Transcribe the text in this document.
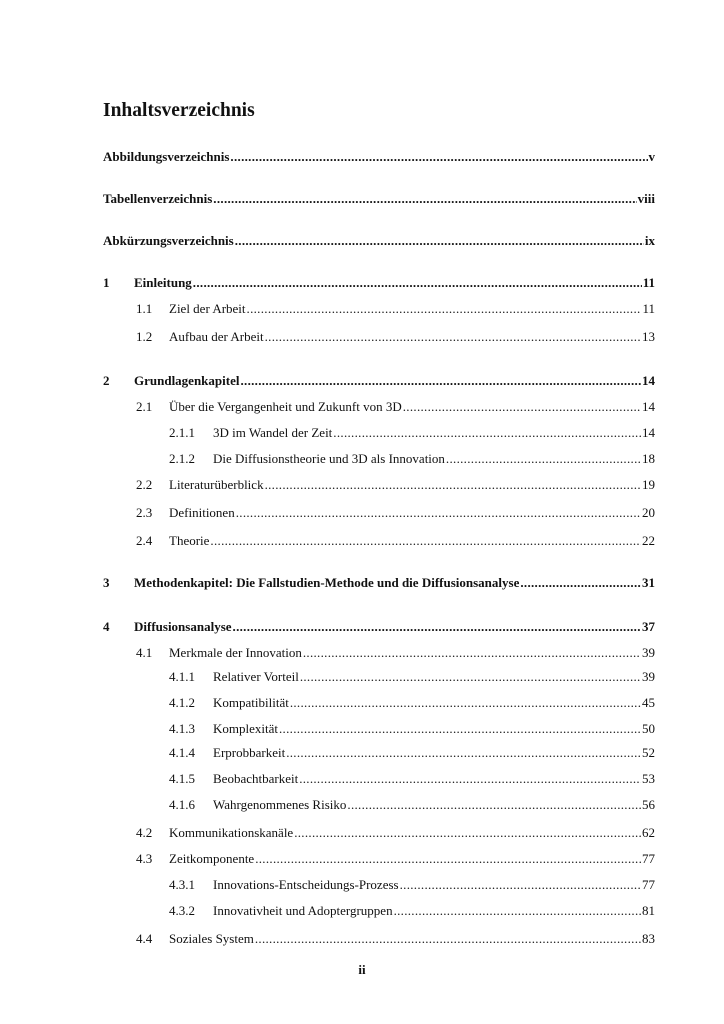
Inhaltsverzeichnis
Abbildungsverzeichnis .....	v
Tabellenverzeichnis .....	viii
Abkürzungsverzeichnis .....	ix
1	Einleitung .....	11
1.1	Ziel der Arbeit .....	11
1.2	Aufbau der Arbeit .....	13
2	Grundlagenkapitel .....	14
2.1	Über die Vergangenheit und Zukunft von 3D .....	14
2.1.1	3D im Wandel der Zeit .....	14
2.1.2	Die Diffusionstheorie und 3D als Innovation .....	18
2.2	Literaturüberblick .....	19
2.3	Definitionen .....	20
2.4	Theorie .....	22
3	Methodenkapitel: Die Fallstudien-Methode und die Diffusionsanalyse .....	31
4	Diffusionsanalyse .....	37
4.1	Merkmale der Innovation .....	39
4.1.1	Relativer Vorteil .....	39
4.1.2	Kompatibilität .....	45
4.1.3	Komplexität .....	50
4.1.4	Erprobbarkeit .....	52
4.1.5	Beobachtbarkeit .....	53
4.1.6	Wahrgenommenes Risiko .....	56
4.2	Kommunikationskanäle .....	62
4.3	Zeitkomponente .....	77
4.3.1	Innovations-Entscheidungs-Prozess .....	77
4.3.2	Innovativheit und Adoptergruppen .....	81
4.4	Soziales System .....	83
ii
